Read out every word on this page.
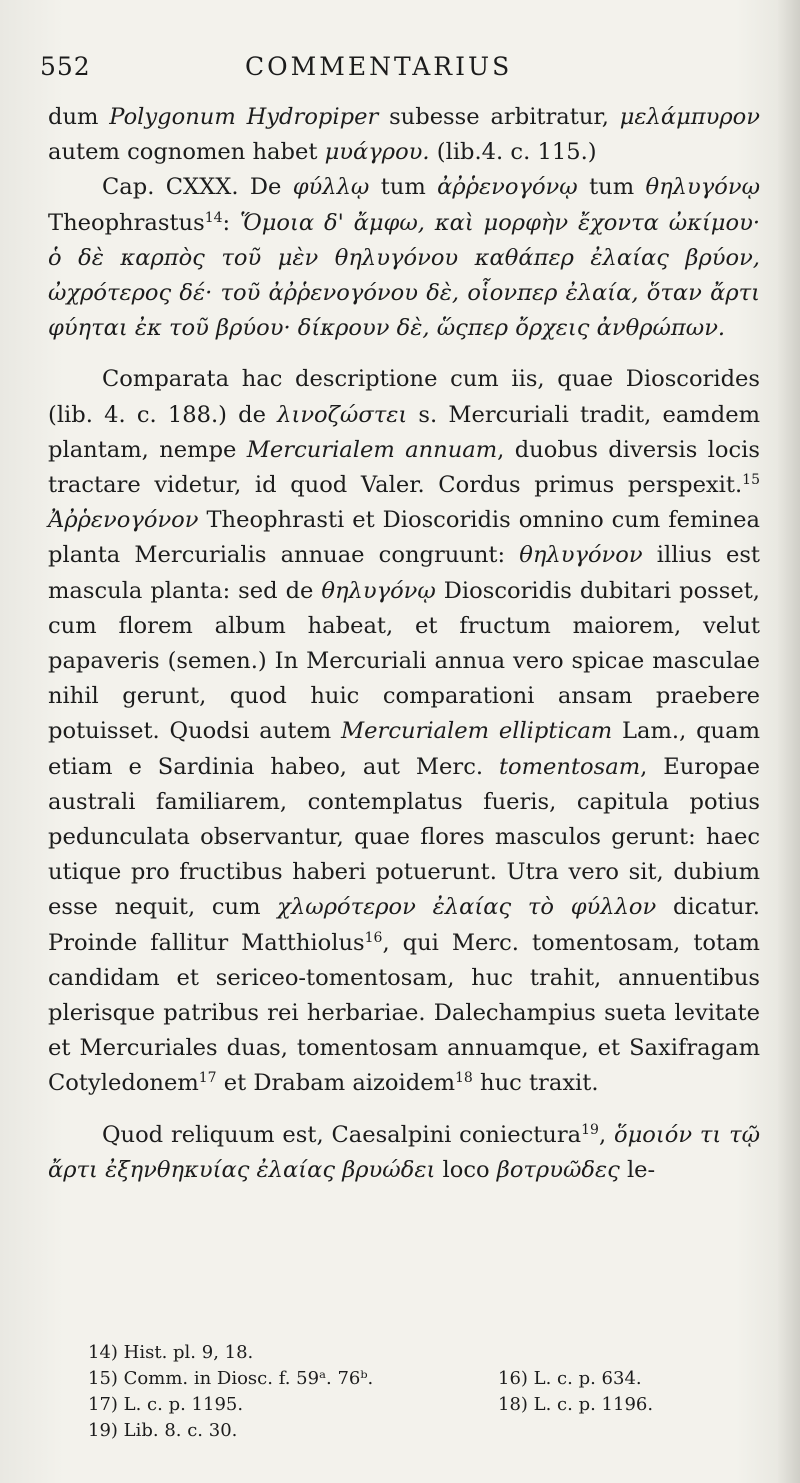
552	COMMENTARIUS

dum Polygonum Hydropiper subesse arbitratur, μελάμπυρον autem cognomen habet μυάγρου. (lib.4. c. 115.)

Cap. CXXX. De φύλλῳ tum ἀῤῥενογόνῳ tum θηλυγόνῳ Theophrastus$^{14}$: Ὅμοια δ' ἄμφω, καὶ μορφὴν ἔχοντα ὠκίμου· ὁ δὲ καρπὸς τοῦ μὲν θηλυγόνου καθάπερ ἐλαίας βρύον, ὠχρότερος δέ· τοῦ ἀῤῥενογόνου δὲ, οἷονπερ ἐλαία, ὅταν ἄρτι φύηται ἐκ τοῦ βρύου· δίκρουν δὲ, ὥςπερ ὄρχεις ἀνθρώπων.

Comparata hac descriptione cum iis, quae Dioscorides (lib. 4. c. 188.) de λινοζώστει s. Mercuriali tradit, eamdem plantam, nempe Mercurialem annuam, duobus diversis locis tractare videtur, id quod Valer. Cordus primus perspexit.$^{15}$ Ἀῤῥενογόνον Theophrasti et Dioscoridis omnino cum feminea planta Mercurialis annuae congruunt: θηλυγόνον illius est mascula planta: sed de θηλυγόνῳ Dioscoridis dubitari posset, cum florem album habeat, et fructum maiorem, velut papaveris (semen.) In Mercuriali annua vero spicae masculae nihil gerunt, quod huic comparationi ansam praebere potuisset. Quodsi autem Mercurialem ellipticam Lam., quam etiam e Sardinia habeo, aut Merc. tomentosam, Europae australi familiarem, contemplatus fueris, capitula potius pedunculata observantur, quae flores masculos gerunt: haec utique pro fructibus haberi potuerunt. Utra vero sit, dubium esse nequit, cum χλωρότερον ἐλαίας τὸ φύλλον dicatur. Proinde fallitur Matthiolus$^{16}$, qui Merc. tomentosam, totam candidam et sericeo-tomentosam, huc trahit, annuentibus plerisque patribus rei herbariae. Dalechampius sueta levitate et Mercuriales duas, tomentosam annuamque, et Saxifragam Cotyledonem$^{17}$ et Drabam aizoidem$^{18}$ huc traxit.

Quod reliquum est, Caesalpini coniectura$^{19}$, ὅμοιόν τι τῷ ἄρτι ἐξηνθηκυίας ἐλαίας βρυώδει loco βοτρυῶδες le-

14) Hist. pl. 9, 18.
15) Comm. in Diosc. f. 59ᵃ. 76ᵇ.	16) L. c. p. 634.
17) L. c. p. 1195.	18) L. c. p. 1196.
19) Lib. 8. c. 30.
